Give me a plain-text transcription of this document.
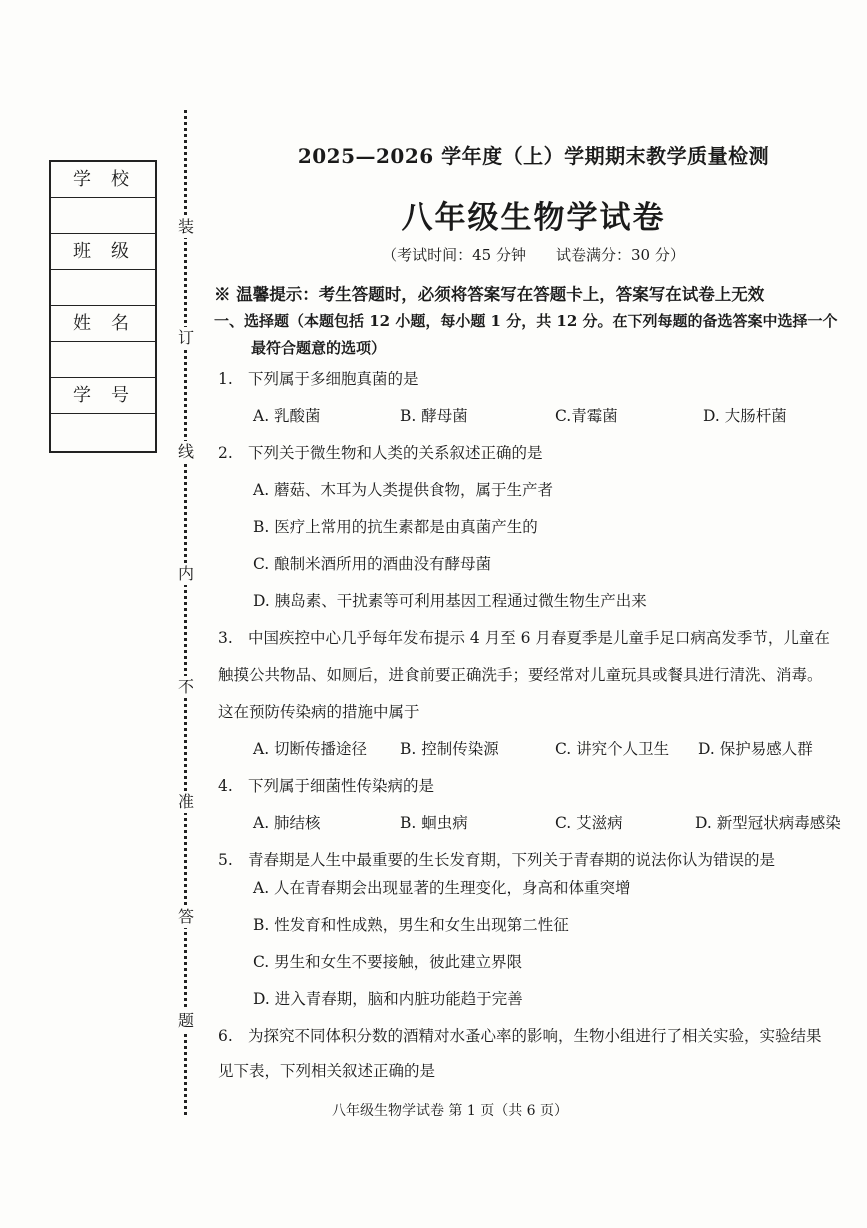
学校
班级
姓名
学号
装
订
线
内
不
准
答
题
2025—2026 学年度（上）学期期末教学质量检测
八年级生物学试卷
（考试时间：45 分钟　　试卷满分：30 分）
※ 温馨提示：考生答题时，必须将答案写在答题卡上，答案写在试卷上无效
一、选择题（本题包括 12 小题，每小题 1 分，共 12 分。在下列每题的备选答案中选择一个
最符合题意的选项）
1. 下列属于多细胞真菌的是
A. 乳酸菌	B. 酵母菌	C.青霉菌	D. 大肠杆菌
2. 下列关于微生物和人类的关系叙述正确的是
A. 蘑菇、木耳为人类提供食物，属于生产者
B. 医疗上常用的抗生素都是由真菌产生的
C. 酿制米酒所用的酒曲没有酵母菌
D. 胰岛素、干扰素等可利用基因工程通过微生物生产出来
3. 中国疾控中心几乎每年发布提示 4 月至 6 月春夏季是儿童手足口病高发季节，儿童在
触摸公共物品、如厕后，进食前要正确洗手；要经常对儿童玩具或餐具进行清洗、消毒。
这在预防传染病的措施中属于
A. 切断传播途径 B. 控制传染源	C. 讲究个人卫生 D. 保护易感人群
4. 下列属于细菌性传染病的是
A. 肺结核	B. 蛔虫病	C. 艾滋病	D. 新型冠状病毒感染
5. 青春期是人生中最重要的生长发育期，下列关于青春期的说法你认为错误的是
A. 人在青春期会出现显著的生理变化，身高和体重突增
B. 性发育和性成熟，男生和女生出现第二性征
C. 男生和女生不要接触，彼此建立界限
D. 进入青春期，脑和内脏功能趋于完善
6. 为探究不同体积分数的酒精对水蚤心率的影响，生物小组进行了相关实验，实验结果
见下表，下列相关叙述正确的是
八年级生物学试卷 第 1 页（共 6 页）
